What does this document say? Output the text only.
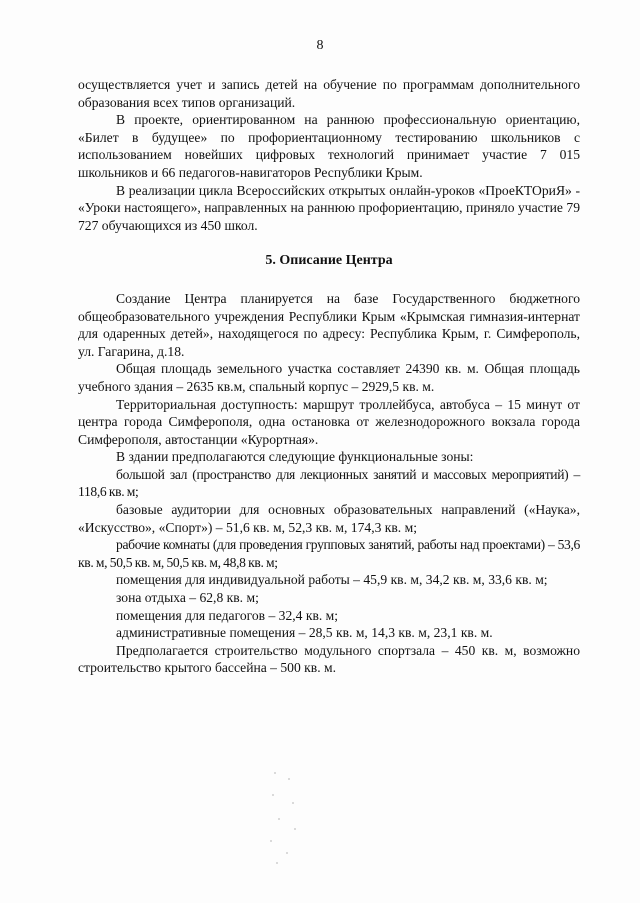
8

осуществляется учет и запись детей на обучение по программам дополнительного образования всех типов организаций.

В проекте, ориентированном на раннюю профессиональную ориентацию, «Билет в будущее» по профориентационному тестированию школьников с использованием новейших цифровых технологий принимает участие 7 015 школьников и 66 педагогов-навигаторов Республики Крым.

В реализации цикла Всероссийских открытых онлайн-уроков «ПроеКТОриЯ» - «Уроки настоящего», направленных на раннюю профориентацию, приняло участие 79 727 обучающихся из 450 школ.

5. Описание Центра

Создание Центра планируется на базе Государственного бюджетного общеобразовательного учреждения Республики Крым «Крымская гимназия-интернат для одаренных детей», находящегося по адресу: Республика Крым, г. Симферополь, ул. Гагарина, д.18.

Общая площадь земельного участка составляет 24390 кв. м. Общая площадь учебного здания – 2635 кв.м, спальный корпус – 2929,5 кв. м.

Территориальная доступность: маршрут троллейбуса, автобуса – 15 минут от центра города Симферополя, одна остановка от железнодорожного вокзала города Симферополя, автостанции «Курортная».

В здании предполагаются следующие функциональные зоны:

большой зал (пространство для лекционных занятий и массовых мероприятий) – 118,6 кв. м;

базовые аудитории для основных образовательных направлений («Наука», «Искусство», «Спорт») – 51,6 кв. м, 52,3 кв. м, 174,3 кв. м;

рабочие комнаты (для проведения групповых занятий, работы над проектами) – 53,6 кв. м, 50,5 кв. м, 50,5 кв. м, 48,8 кв. м;

помещения для индивидуальной работы – 45,9 кв. м, 34,2 кв. м, 33,6 кв. м;

зона отдыха – 62,8 кв. м;

помещения для педагогов – 32,4 кв. м;

административные помещения – 28,5 кв. м, 14,3 кв. м, 23,1 кв. м.

Предполагается строительство модульного спортзала – 450 кв. м, возможно строительство крытого бассейна – 500 кв. м.
